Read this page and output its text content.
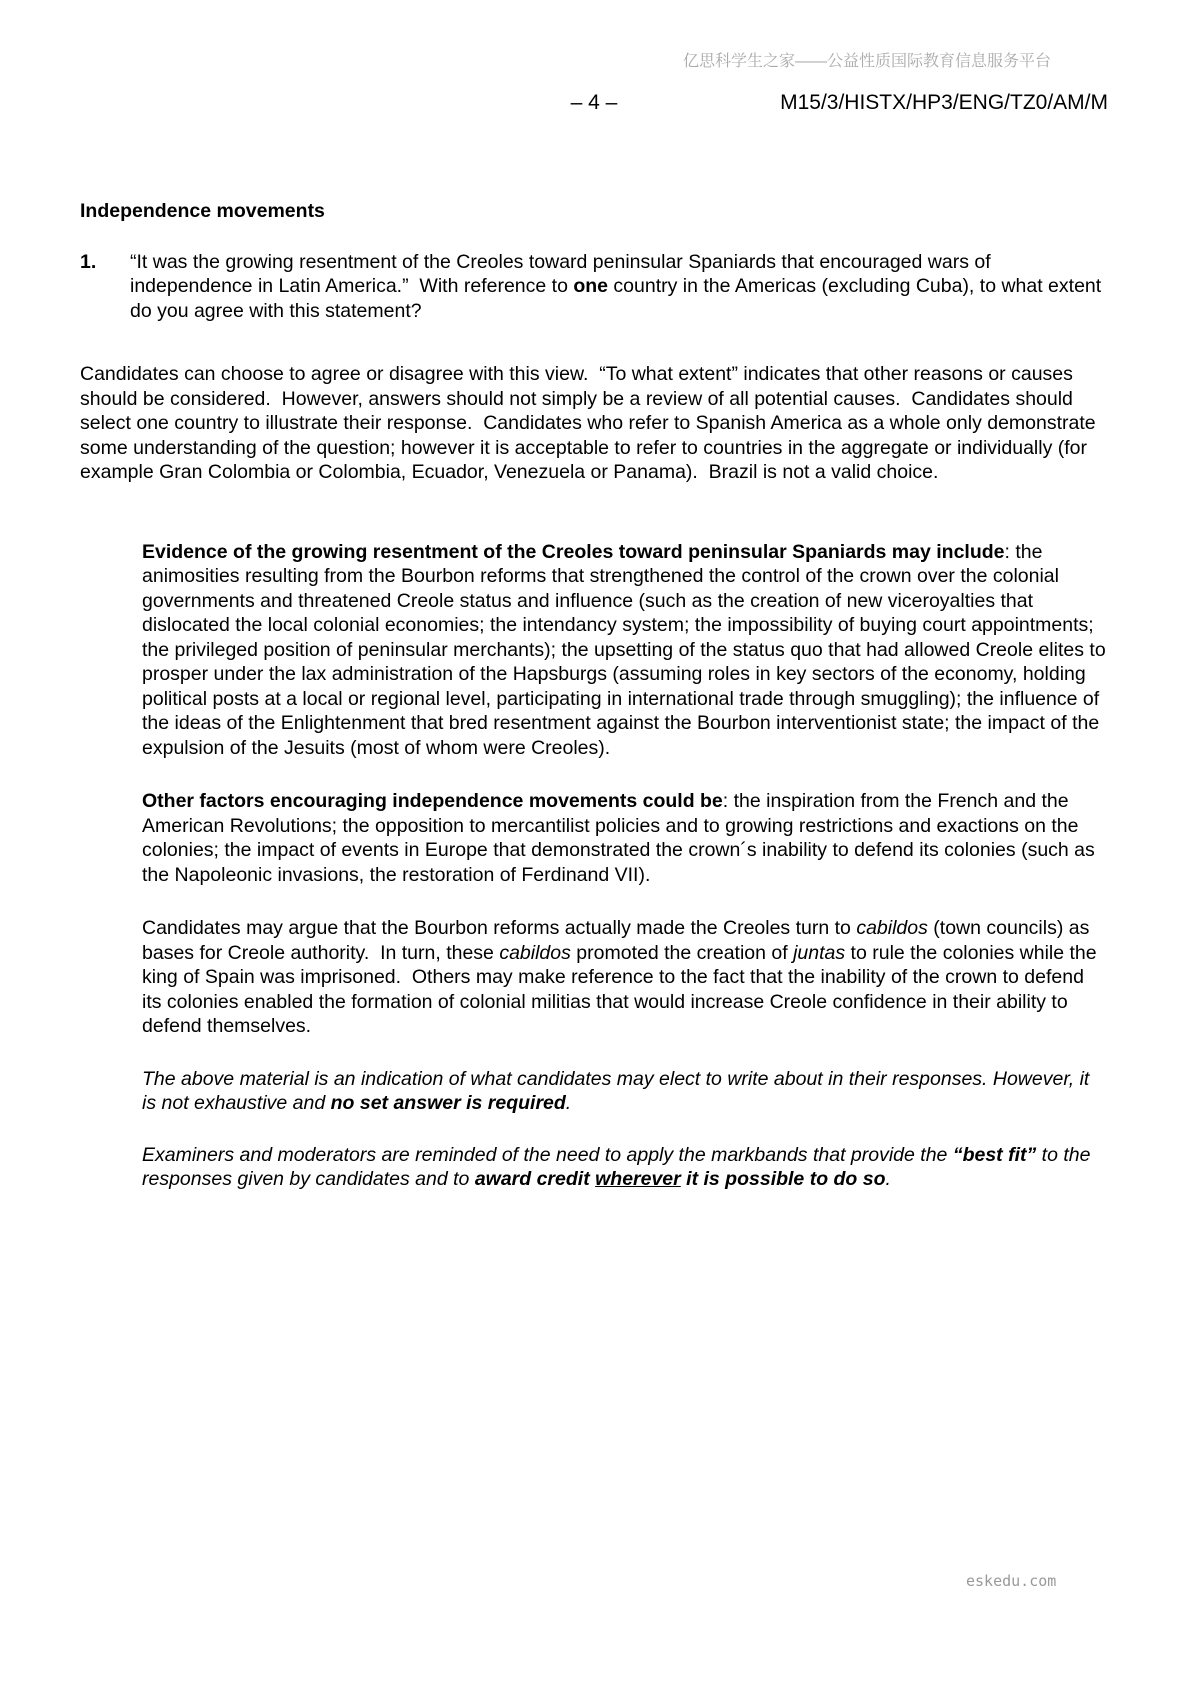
亿思科学生之家——公益性质国际教育信息服务平台
– 4 –	M15/3/HISTX/HP3/ENG/TZ0/AM/M
Independence movements
1.	“It was the growing resentment of the Creoles toward peninsular Spaniards that encouraged wars of independence in Latin America.”  With reference to one country in the Americas (excluding Cuba), to what extent do you agree with this statement?
Candidates can choose to agree or disagree with this view.  “To what extent” indicates that other reasons or causes should be considered.  However, answers should not simply be a review of all potential causes.  Candidates should select one country to illustrate their response.  Candidates who refer to Spanish America as a whole only demonstrate some understanding of the question; however it is acceptable to refer to countries in the aggregate or individually (for example Gran Colombia or Colombia, Ecuador, Venezuela or Panama).  Brazil is not a valid choice.
Evidence of the growing resentment of the Creoles toward peninsular Spaniards may include: the animosities resulting from the Bourbon reforms that strengthened the control of the crown over the colonial governments and threatened Creole status and influence (such as the creation of new viceroyalties that dislocated the local colonial economies; the intendancy system; the impossibility of buying court appointments; the privileged position of peninsular merchants); the upsetting of the status quo that had allowed Creole elites to prosper under the lax administration of the Hapsburgs (assuming roles in key sectors of the economy, holding political posts at a local or regional level, participating in international trade through smuggling); the influence of the ideas of the Enlightenment that bred resentment against the Bourbon interventionist state; the impact of the expulsion of the Jesuits (most of whom were Creoles).
Other factors encouraging independence movements could be: the inspiration from the French and the American Revolutions; the opposition to mercantilist policies and to growing restrictions and exactions on the colonies; the impact of events in Europe that demonstrated the crown´s inability to defend its colonies (such as the Napoleonic invasions, the restoration of Ferdinand VII).
Candidates may argue that the Bourbon reforms actually made the Creoles turn to cabildos (town councils) as bases for Creole authority.  In turn, these cabildos promoted the creation of juntas to rule the colonies while the king of Spain was imprisoned.  Others may make reference to the fact that the inability of the crown to defend its colonies enabled the formation of colonial militias that would increase Creole confidence in their ability to defend themselves.
The above material is an indication of what candidates may elect to write about in their responses. However, it is not exhaustive and no set answer is required.
Examiners and moderators are reminded of the need to apply the markbands that provide the “best fit” to the responses given by candidates and to award credit wherever it is possible to do so.
eskedu.com
